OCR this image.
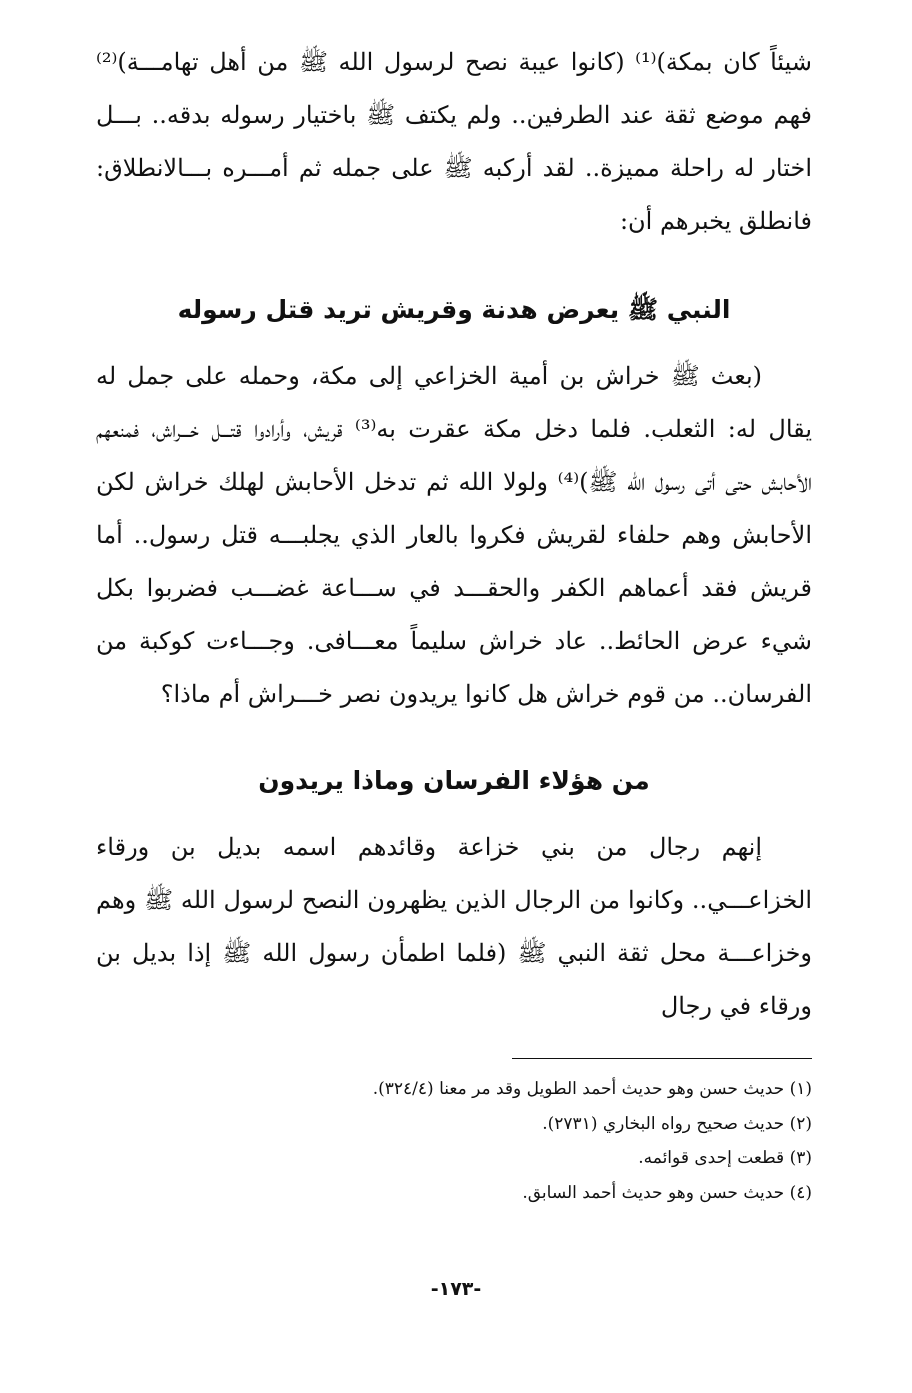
شيئاً كان بمكة)⁽¹⁾ (كانوا عيبة نصح لرسول الله ﷺ من أهل تهامـــة)⁽²⁾ فهم موضع ثقة عند الطرفين.. ولم يكتف ﷺ باختيار رسوله بدقه.. بـــل اختار له راحلة مميزة.. لقد أركبه ﷺ على جمله ثم أمـــره بـــالانطلاق: فانطلق يخبرهم أن:

النبي ﷺ يعرض هدنة وقريش تريد قتل رسوله

(بعث ﷺ خراش بن أمية الخزاعي إلى مكة، وحمله على جمل له يقال له: الثعلب. فلما دخل مكة عقرت به⁽³⁾ قريش، وأرادوا قتـــل خـــراش، فمنعهم الأحابش حتى أتى رسول الله ﷺ)⁽⁴⁾ ولولا الله ثم تدخل الأحابش لهلك خراش لكن الأحابش وهم حلفاء لقريش فكروا بالعار الذي يجلبـــه قتل رسول.. أما قريش فقد أعماهم الكفر والحقـــد في ســـاعة غضـــب فضربوا بكل شيء عرض الحائط.. عاد خراش سليماً معـــافى. وجـــاءت كوكبة من الفرسان.. من قوم خراش هل كانوا يريدون نصر خـــراش أم ماذا؟

من هؤلاء الفرسان وماذا يريدون

إنهم رجال من بني خزاعة وقائدهم اسمه بديل بن ورقاء الخزاعـــي.. وكانوا من الرجال الذين يظهرون النصح لرسول الله ﷺ وهم وخزاعـــة محل ثقة النبي ﷺ (فلما اطمأن رسول الله ﷺ إذا بديل بن ورقاء في رجال

(١) حديث حسن وهو حديث أحمد الطويل وقد مر معنا (٣٢٤/٤).

(٢) حديث صحيح رواه البخاري (٢٧٣١).

(٣) قطعت إحدى قوائمه.

(٤) حديث حسن وهو حديث أحمد السابق.

-١٧٣-
